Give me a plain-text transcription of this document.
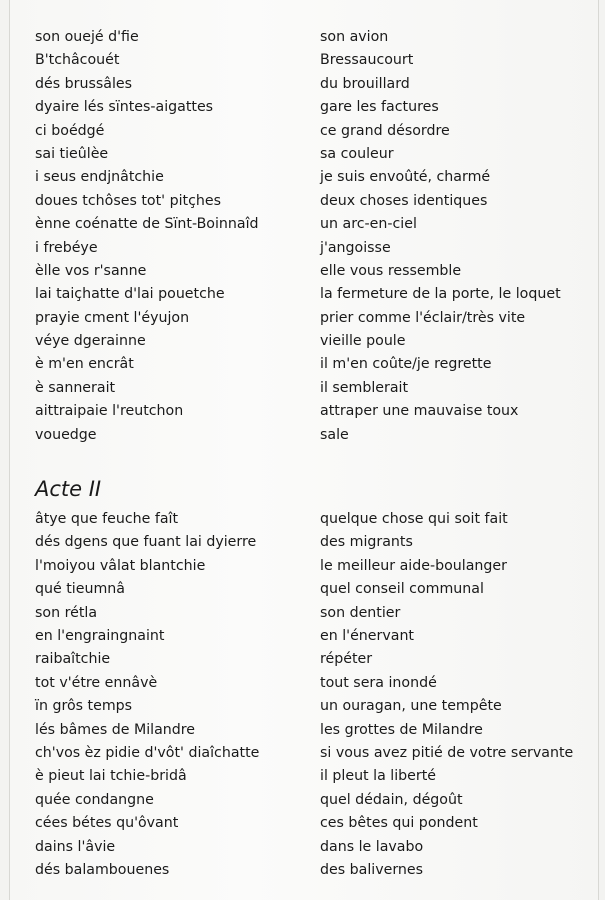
son ouejé d'fie
B'tchâcouét
dés brussâles
dyaire lés sïntes-aigattes
ci boédgé
sai tieûlèe
i seus endjnâtchie
doues tchôses tot' pitçhes
ènne coénatte de Sïnt-Boinnaîd
i frebéye
èlle vos r'sanne
lai taiçhatte d'lai pouetche
prayie cment l'éyujon
véye dgerainne
è m'en encrât
è sannerait
aittraipaie l'reutchon
vouedge
Acte II
âtye que feuche faît
dés dgens que fuant lai dyierre
l'moiyou vâlat blantchie
qué tieumnâ
son rétla
en l'engraingnaint
raibaîtchie
tot v'étre ennâvè
ïn grôs temps
lés bâmes de Milandre
ch'vos èz pidie d'vôt' diaîchatte
è pieut lai tchie-bridâ
quée condangne
cées bétes qu'ôvant
dains l'âvie
dés balambouenes
son avion
Bressaucourt
du brouillard
gare les factures
ce grand désordre
sa couleur
je suis envoûté, charmé
deux choses identiques
un arc-en-ciel
j'angoisse
elle vous ressemble
la fermeture de la porte, le loquet
prier comme l'éclair/très vite
vieille poule
il m'en coûte/je regrette
il semblerait
attraper une mauvaise toux
sale
quelque chose qui soit fait
des migrants
le meilleur aide-boulanger
quel conseil communal
son dentier
en l'énervant
répéter
tout sera inondé
un ouragan, une tempête
les grottes de Milandre
si vous avez pitié de votre servante
il pleut la liberté
quel dédain, dégoût
ces bêtes qui pondent
dans le lavabo
des balivernes
